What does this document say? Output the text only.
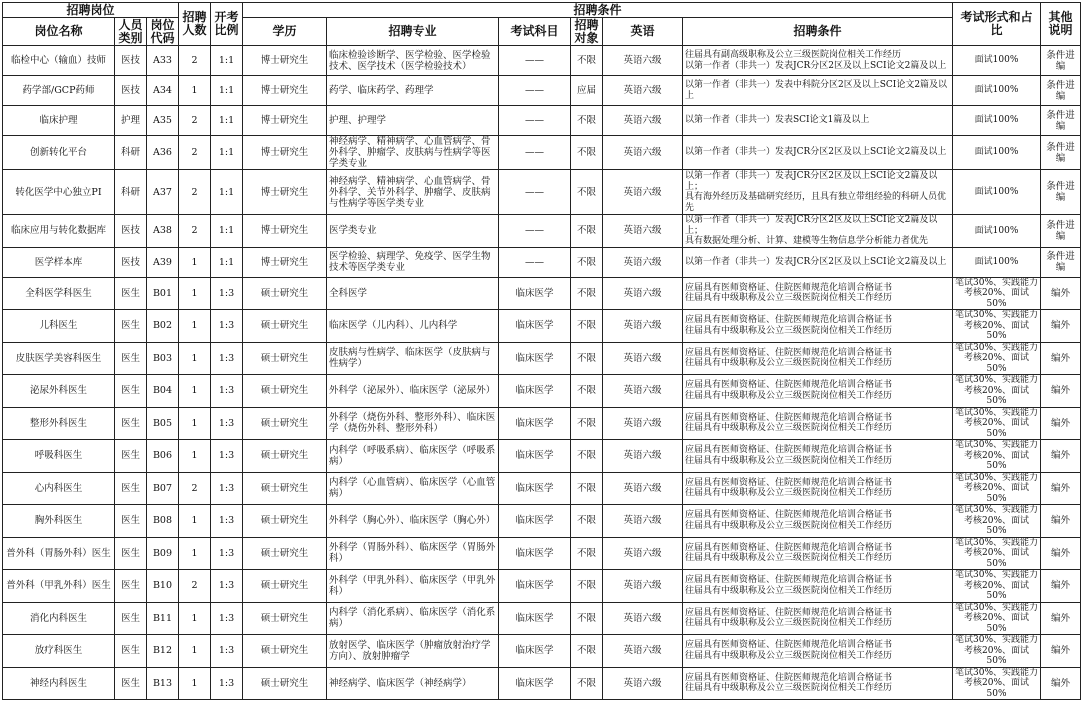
招聘岗位			招聘人数	开考比例	招聘条件						考试形式和占比	其他说明
岗位名称	人员类别	岗位代码			学历	招聘专业	考试科目	招聘对象	英语	招聘条件		
临检中心（输血）技师	医技	A33	2	1:1	博士研究生	临床检验诊断学、医学检验、医学检验技术、医学技术（医学检验技术）	——	不限	英语六级	往届具有副高级职称及公立三级医院岗位相关工作经历
以第一作者（非共一）发表JCR分区2区及以上SCI论文2篇及以上	面试100%	条件进编
药学部/GCP药师	医技	A34	1	1:1	博士研究生	药学、临床药学、药理学	——	应届	英语六级	以第一作者（非共一）发表中科院分区2区及以上SCI论文2篇及以上	面试100%	条件进编
临床护理	护理	A35	2	1:1	博士研究生	护理、护理学	——	不限	英语六级	以第一作者（非共一）发表SCI论文1篇及以上	面试100%	条件进编
创新转化平台	科研	A36	2	1:1	博士研究生	神经病学、精神病学、心血管病学、骨外科学、肿瘤学、皮肤病与性病学等医学类专业	——	不限	英语六级	以第一作者（非共一）发表JCR分区2区及以上SCI论文2篇及以上	面试100%	条件进编
转化医学中心独立PI	科研	A37	2	1:1	博士研究生	神经病学、精神病学、心血管病学、骨外科学、关节外科学、肿瘤学、皮肤病与性病学等医学类专业	——	不限	英语六级	以第一作者（非共一）发表JCR分区2区及以上SCI论文2篇及以上；
具有海外经历及基础研究经历，且具有独立带组经验的科研人员优先	面试100%	条件进编
临床应用与转化数据库	医技	A38	2	1:1	博士研究生	医学类专业	——	不限	英语六级	以第一作者（非共一）发表JCR分区2区及以上SCI论文2篇及以上；
具有数据处理分析、计算、建模等生物信息学分析能力者优先	面试100%	条件进编
医学样本库	医技	A39	1	1:1	博士研究生	医学检验、病理学、免疫学、医学生物技术等医学类专业	——	不限	英语六级	以第一作者（非共一）发表JCR分区2区及以上SCI论文2篇及以上	面试100%	条件进编
全科医学科医生	医生	B01	1	1:3	硕士研究生	全科医学	临床医学	不限	英语六级	应届具有医师资格证、住院医师规范化培训合格证书
往届具有中级职称及公立三级医院岗位相关工作经历	笔试30%、实践能力考核20%、面试50%	编外
儿科医生	医生	B02	1	1:3	硕士研究生	临床医学（儿内科）、儿内科学	临床医学	不限	英语六级	应届具有医师资格证、住院医师规范化培训合格证书
往届具有中级职称及公立三级医院岗位相关工作经历	笔试30%、实践能力考核20%、面试50%	编外
皮肤医学美容科医生	医生	B03	1	1:3	硕士研究生	皮肤病与性病学、临床医学（皮肤病与性病学）	临床医学	不限	英语六级	应届具有医师资格证、住院医师规范化培训合格证书
往届具有中级职称及公立三级医院岗位相关工作经历	笔试30%、实践能力考核20%、面试50%	编外
泌尿外科医生	医生	B04	1	1:3	硕士研究生	外科学（泌尿外）、临床医学（泌尿外）	临床医学	不限	英语六级	应届具有医师资格证、住院医师规范化培训合格证书
往届具有中级职称及公立三级医院岗位相关工作经历	笔试30%、实践能力考核20%、面试50%	编外
整形外科医生	医生	B05	1	1:3	硕士研究生	外科学（烧伤外科、整形外科）、临床医学（烧伤外科、整形外科）	临床医学	不限	英语六级	应届具有医师资格证、住院医师规范化培训合格证书
往届具有中级职称及公立三级医院岗位相关工作经历	笔试30%、实践能力考核20%、面试50%	编外
呼吸科医生	医生	B06	1	1:3	硕士研究生	内科学（呼吸系病）、临床医学（呼吸系病）	临床医学	不限	英语六级	应届具有医师资格证、住院医师规范化培训合格证书
往届具有中级职称及公立三级医院岗位相关工作经历	笔试30%、实践能力考核20%、面试50%	编外
心内科医生	医生	B07	2	1:3	硕士研究生	内科学（心血管病）、临床医学（心血管病）	临床医学	不限	英语六级	应届具有医师资格证、住院医师规范化培训合格证书
往届具有中级职称及公立三级医院岗位相关工作经历	笔试30%、实践能力考核20%、面试50%	编外
胸外科医生	医生	B08	1	1:3	硕士研究生	外科学（胸心外）、临床医学（胸心外）	临床医学	不限	英语六级	应届具有医师资格证、住院医师规范化培训合格证书
往届具有中级职称及公立三级医院岗位相关工作经历	笔试30%、实践能力考核20%、面试50%	编外
普外科（胃肠外科）医生	医生	B09	1	1:3	硕士研究生	外科学（胃肠外科）、临床医学（胃肠外科）	临床医学	不限	英语六级	应届具有医师资格证、住院医师规范化培训合格证书
往届具有中级职称及公立三级医院岗位相关工作经历	笔试30%、实践能力考核20%、面试50%	编外
普外科（甲乳外科）医生	医生	B10	2	1:3	硕士研究生	外科学（甲乳外科）、临床医学（甲乳外科）	临床医学	不限	英语六级	应届具有医师资格证、住院医师规范化培训合格证书
往届具有中级职称及公立三级医院岗位相关工作经历	笔试30%、实践能力考核20%、面试50%	编外
消化内科医生	医生	B11	1	1:3	硕士研究生	内科学（消化系病）、临床医学（消化系病）	临床医学	不限	英语六级	应届具有医师资格证、住院医师规范化培训合格证书
往届具有中级职称及公立三级医院岗位相关工作经历	笔试30%、实践能力考核20%、面试50%	编外
放疗科医生	医生	B12	1	1:3	硕士研究生	放射医学、临床医学（肿瘤放射治疗学方向）、放射肿瘤学	临床医学	不限	英语六级	应届具有医师资格证、住院医师规范化培训合格证书
往届具有中级职称及公立三级医院岗位相关工作经历	笔试30%、实践能力考核20%、面试50%	编外
神经内科医生	医生	B13	1	1:3	硕士研究生	神经病学、临床医学（神经病学）	临床医学	不限	英语六级	应届具有医师资格证、住院医师规范化培训合格证书
往届具有中级职称及公立三级医院岗位相关工作经历	笔试30%、实践能力考核20%、面试50%	编外
